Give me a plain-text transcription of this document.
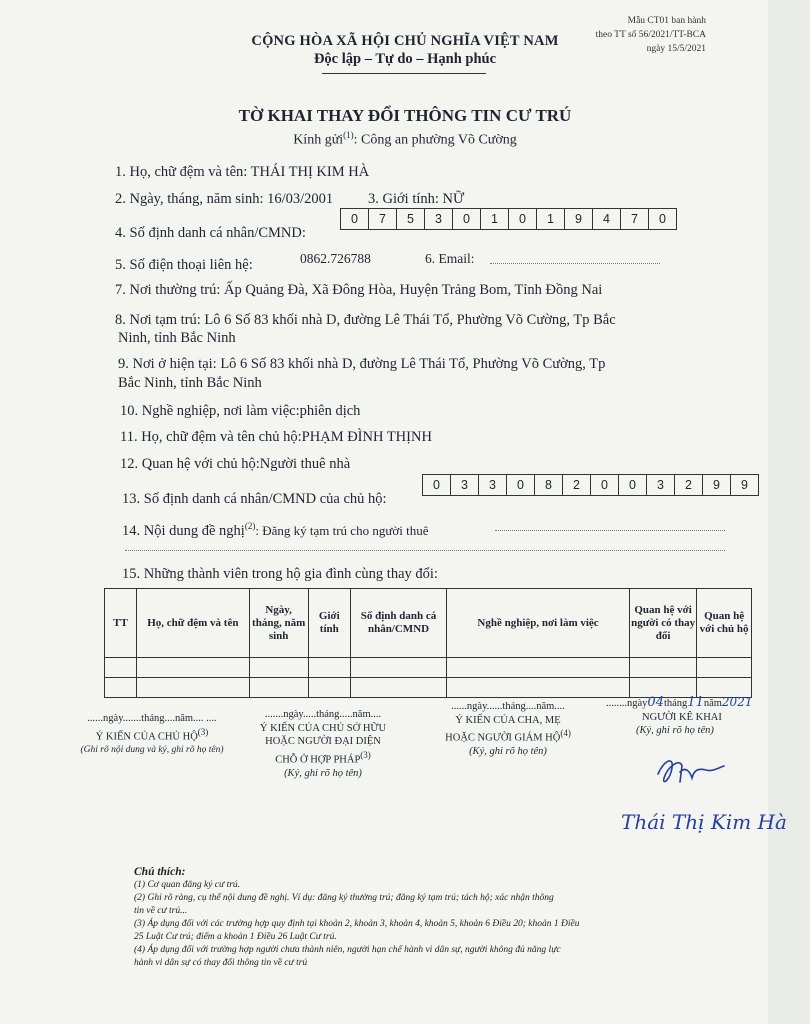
Mẫu CT01 ban hành
theo TT số 56/2021/TT-BCA
ngày 15/5/2021
CỘNG HÒA XÃ HỘI CHỦ NGHĨA VIỆT NAM
Độc lập – Tự do – Hạnh phúc
TỜ KHAI THAY ĐỔI THÔNG TIN CƯ TRÚ
Kính gửi$^{(1)}$: Công an phường Võ Cường
1. Họ, chữ đệm và tên: THÁI THỊ KIM HÀ
2. Ngày, tháng, năm sinh: 16/03/2001 3. Giới tính: NỮ
4. Số định danh cá nhân/CMND:
0	7	5	3	0	1	0	1	9	4	7	0
5. Số điện thoại liên hệ:	0862.726788	6. Email:
7. Nơi thường trú: Ấp Quảng Đà, Xã Đông Hòa, Huyện Trảng Bom, Tỉnh Đồng Nai
8. Nơi tạm trú: Lô 6 Số 83 khối nhà D, đường Lê Thái Tổ, Phường Võ Cường, Tp Bắc
Ninh, tỉnh Bắc Ninh
9. Nơi ở hiện tại: Lô 6 Số 83 khối nhà D, đường Lê Thái Tổ, Phường Võ Cường, Tp
Bắc Ninh, tỉnh Bắc Ninh
10. Nghề nghiệp, nơi làm việc:phiên dịch
11. Họ, chữ đệm và tên chủ hộ:PHẠM ĐÌNH THỊNH
12. Quan hệ với chủ hộ:Người thuê nhà
13. Số định danh cá nhân/CMND của chủ hộ:
0	3	3	0	8	2	0	0	3	2	9	9
14. Nội dung đề nghị$^{(2)}$: Đăng ký tạm trú cho người thuê
15. Những thành viên trong hộ gia đình cùng thay đổi:
TT	Họ, chữ đệm và tên	Ngày, tháng, năm sinh	Giới tính	Số định danh cá nhân/CMND	Nghề nghiệp, nơi làm việc	Quan hệ với người có thay đổi	Quan hệ với chủ hộ

......ngày.......tháng....năm.... ....
Ý KIẾN CỦA CHỦ HỘ$^{(3)}$
(Ghi rõ nội dung và ký, ghi rõ họ tên)
.......ngày.....tháng.....năm....
Ý KIẾN CỦA CHỦ SỞ HỮU
HOẶC NGƯỜI ĐẠI DIỆN
CHỖ Ở HỢP PHÁP$^{(3)}$
(Ký, ghi rõ họ tên)
......ngày......tháng....năm....
Ý KIẾN CỦA CHA, MẸ
HOẶC NGƯỜI GIÁM HỘ$^{(4)}$
(Ký, ghi rõ họ tên)
........ngày04tháng11năm2021
NGƯỜI KÊ KHAI
(Ký, ghi rõ họ tên)
Thái Thị Kim Hà
Chú thích:
(1) Cơ quan đăng ký cư trú.
(2) Ghi rõ ràng, cụ thể nội dung đề nghị. Ví dụ: đăng ký thường trú; đăng ký tạm trú; tách hộ; xác nhận thông
tin về cư trú...
(3) Áp dụng đối với các trường hợp quy định tại khoản 2, khoản 3, khoản 4, khoản 5, khoản 6 Điều 20; khoản 1 Điều
25 Luật Cư trú; điểm a khoản 1 Điều 26 Luật Cư trú.
(4) Áp dụng đối với trường hợp người chưa thành niên, người hạn chế hành vi dân sự, người không đủ năng lực
hành vi dân sự có thay đổi thông tin về cư trú
